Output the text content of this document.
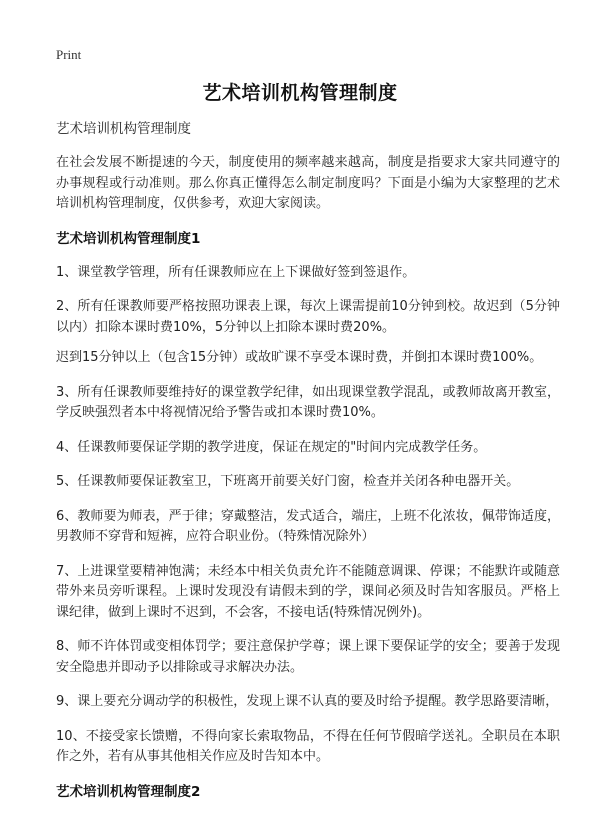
Print
艺术培训机构管理制度
艺术培训机构管理制度

在社会发展不断提速的今天，制度使用的频率越来越高，制度是指要求大家共同遵守的办事规程或行动准则。那么你真正懂得怎么制定制度吗？下面是小编为大家整理的艺术培训机构管理制度，仅供参考，欢迎大家阅读。

艺术培训机构管理制度1

1、课堂教学管理，所有任课教师应在上下课做好签到签退作。

2、所有任课教师要严格按照功课表上课，每次上课需提前10分钟到校。故迟到（5分钟以内）扣除本课时费10%，5分钟以上扣除本课时费20%。

迟到15分钟以上（包含15分钟）或故旷课不享受本课时费，并倒扣本课时费100%。

3、所有任课教师要维持好的课堂教学纪律，如出现课堂教学混乱，或教师故离开教室，学反映强烈者本中将视情况给予警告或扣本课时费10%。

4、任课教师要保证学期的教学进度，保证在规定的"时间内完成教学任务。

5、任课教师要保证教室卫，下班离开前要关好门窗，检查并关闭各种电器开关。

6、教师要为师表，严于律；穿戴整洁，发式适合，端庄，上班不化浓妆，佩带饰适度，男教师不穿背和短裤，应符合职业份。（特殊情况除外）

7、上进课堂要精神饱满；未经本中相关负责允许不能随意调课、停课；不能默许或随意带外来员旁听课程。上课时发现没有请假未到的学，课间必须及时告知客服员。严格上课纪律，做到上课时不迟到，不会客，不接电话(特殊情况例外)。

8、师不许体罚或变相体罚学；要注意保护学尊；课上课下要保证学的安全；要善于发现安全隐患并即动予以排除或寻求解决办法。

9、课上要充分调动学的积极性，发现上课不认真的要及时给予提醒。教学思路要清晰，

10、不接受家长馈赠，不得向家长索取物品，不得在任何节假暗学送礼。全职员在本职作之外，若有从事其他相关作应及时告知本中。

艺术培训机构管理制度2
